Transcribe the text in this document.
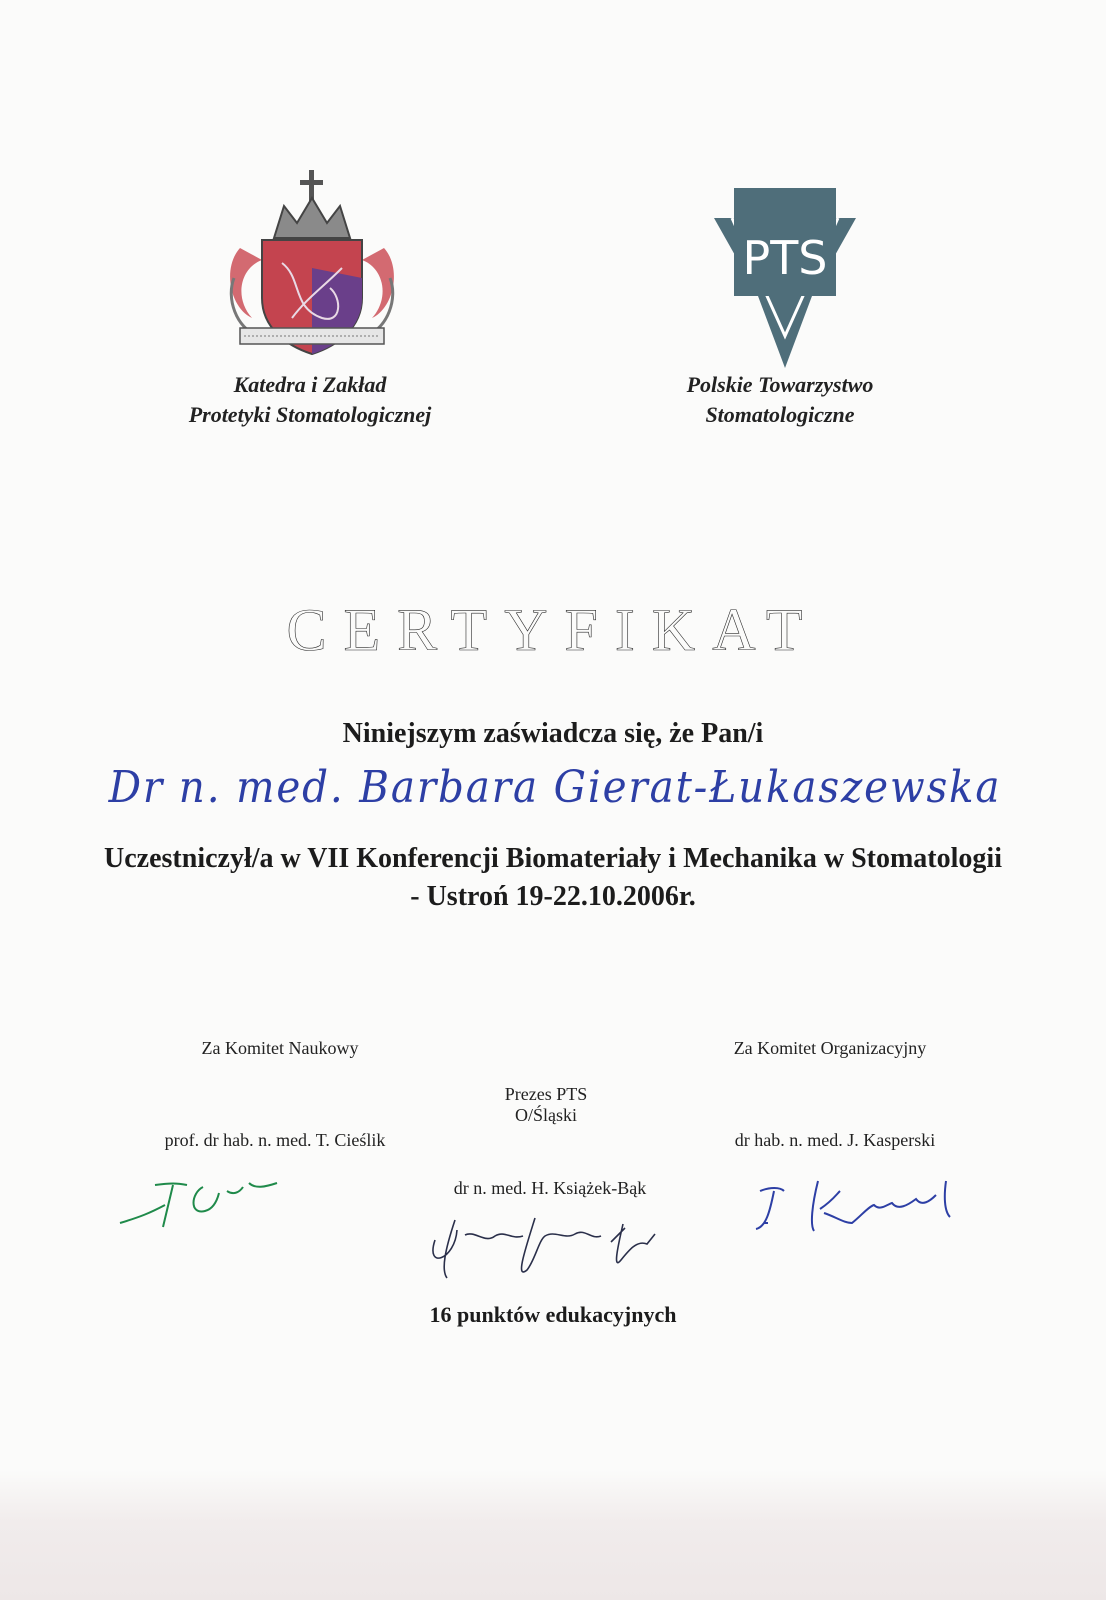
PTS
Katedra i Zakład
Protetyki Stomatologicznej
Polskie Towarzystwo
Stomatologiczne
CERTYFIKAT
Niniejszym zaświadcza się, że Pan/i
Dr n. med. Barbara Gierat-Łukaszewska
Uczestniczył/a w VII Konferencji Biomateriały i Mechanika w Stomatologii - Ustroń 19-22.10.2006r.
Za Komitet Naukowy	Za Komitet Organizacyjny
Prezes PTS
O/Śląski
prof. dr hab. n. med. T. Cieślik	dr hab. n. med. J. Kasperski
dr n. med. H. Książek-Bąk
16 punktów edukacyjnych
